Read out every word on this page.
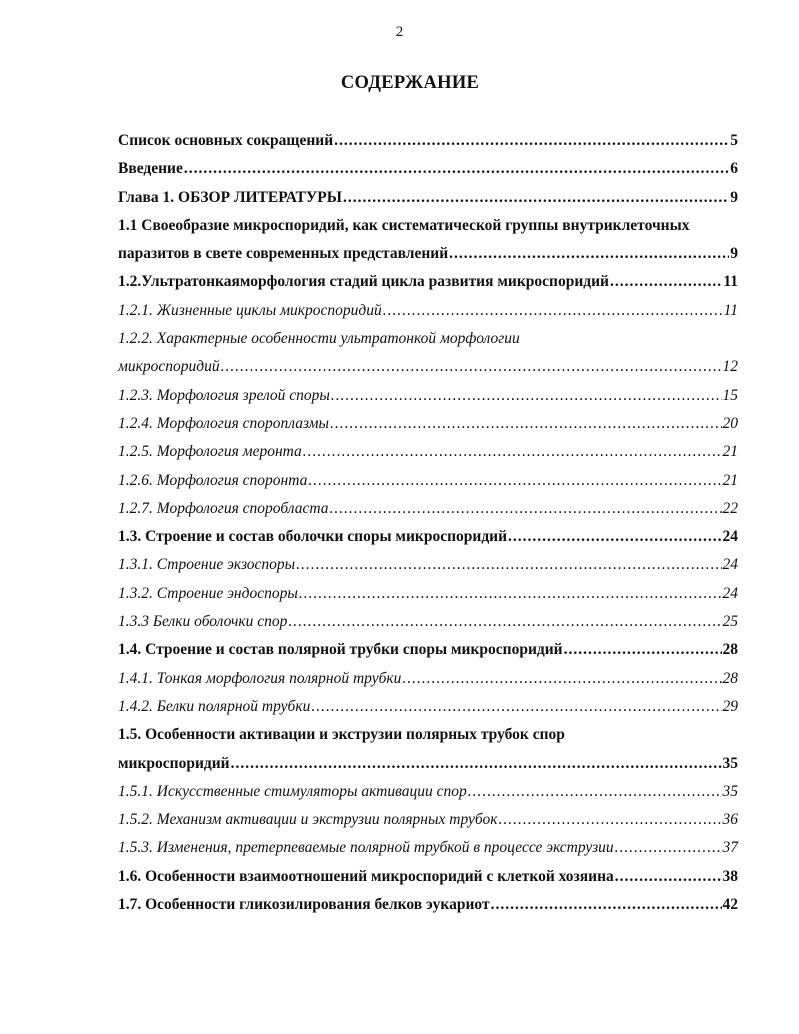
2
СОДЕРЖАНИЕ
Список основных сокращений .....	5
Введение .....	6
Глава 1. ОБЗОР ЛИТЕРАТУРЫ .....	9
1.1 Своеобразие микроспоридий, как систематической группы внутриклеточных
паразитов в свете современных представлений .....	9
1.2.Ультратонкаяморфология стадий цикла развития микроспоридий .....	11
1.2.1. Жизненные циклы микроспоридий .....	11
1.2.2. Характерные особенности ультратонкой морфологии
микроспоридий .....	12
1.2.3. Морфология зрелой споры .....	15
1.2.4. Морфология спороплазмы .....	20
1.2.5. Морфология меронта .....	21
1.2.6. Морфология споронта .....	21
1.2.7. Морфология споробласта .....	22
1.3. Строение и состав оболочки споры микроспоридий .....	24
1.3.1. Строение экзоспоры .....	24
1.3.2. Строение эндоспоры .....	24
1.3.3 Белки оболочки спор .....	25
1.4. Строение и состав полярной трубки споры микроспоридий .....	28
1.4.1. Тонкая морфология полярной трубки .....	28
1.4.2. Белки полярной трубки .....	29
1.5. Особенности активации и экструзии полярных трубок спор
микроспоридий .....	35
1.5.1. Искусственные стимуляторы активации спор .....	35
1.5.2. Механизм активации и экструзии полярных трубок .....	36
1.5.3. Изменения, претерпеваемые полярной трубкой в процессе экструзии .....	37
1.6. Особенности взаимоотношений микроспоридий с клеткой хозяина .....	38
1.7. Особенности гликозилирования белков эукариот .....	42
